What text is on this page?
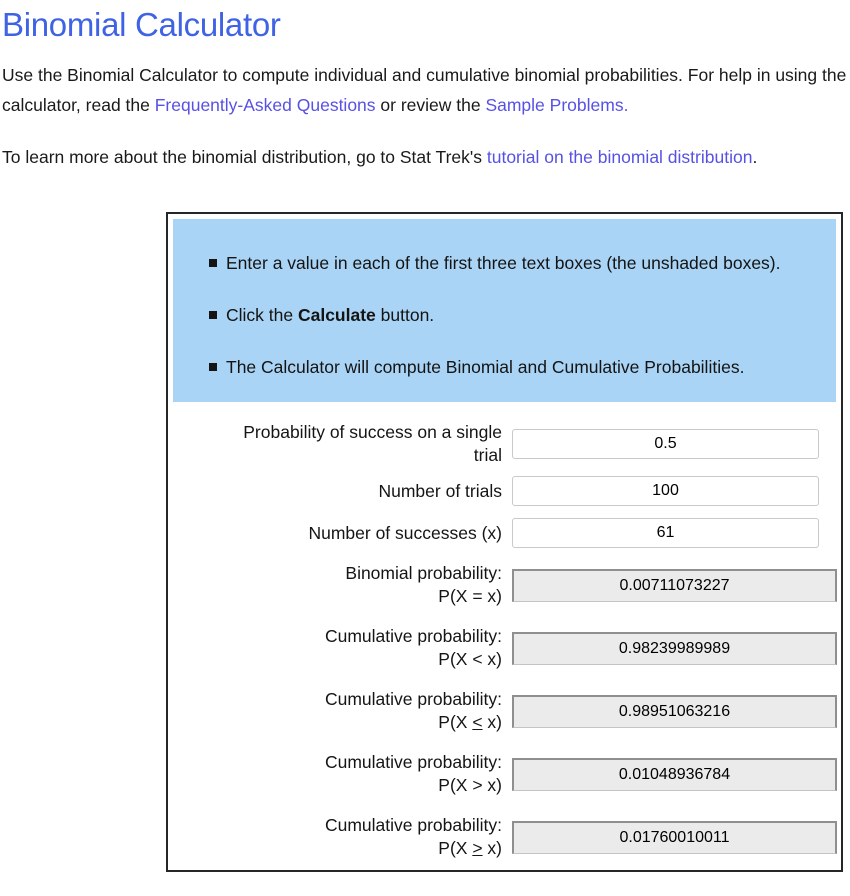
Binomial Calculator

Use the Binomial Calculator to compute individual and cumulative binomial probabilities. For help in using the
calculator, read the Frequently-Asked Questions or review the Sample Problems.

To learn more about the binomial distribution, go to Stat Trek's tutorial on the binomial distribution.

Enter a value in each of the first three text boxes (the unshaded boxes).
Click the Calculate button.
The Calculator will compute Binomial and Cumulative Probabilities.
Probability of success on a single
trial
0.5
Number of trials
100
Number of successes (x)
61
Binomial probability:
P(X = x)
0.00711073227
Cumulative probability:
P(X < x)
0.98239989989
Cumulative probability:
P(X < x)
0.98951063216
Cumulative probability:
P(X > x)
0.01048936784
Cumulative probability:
P(X > x)
0.01760010011
